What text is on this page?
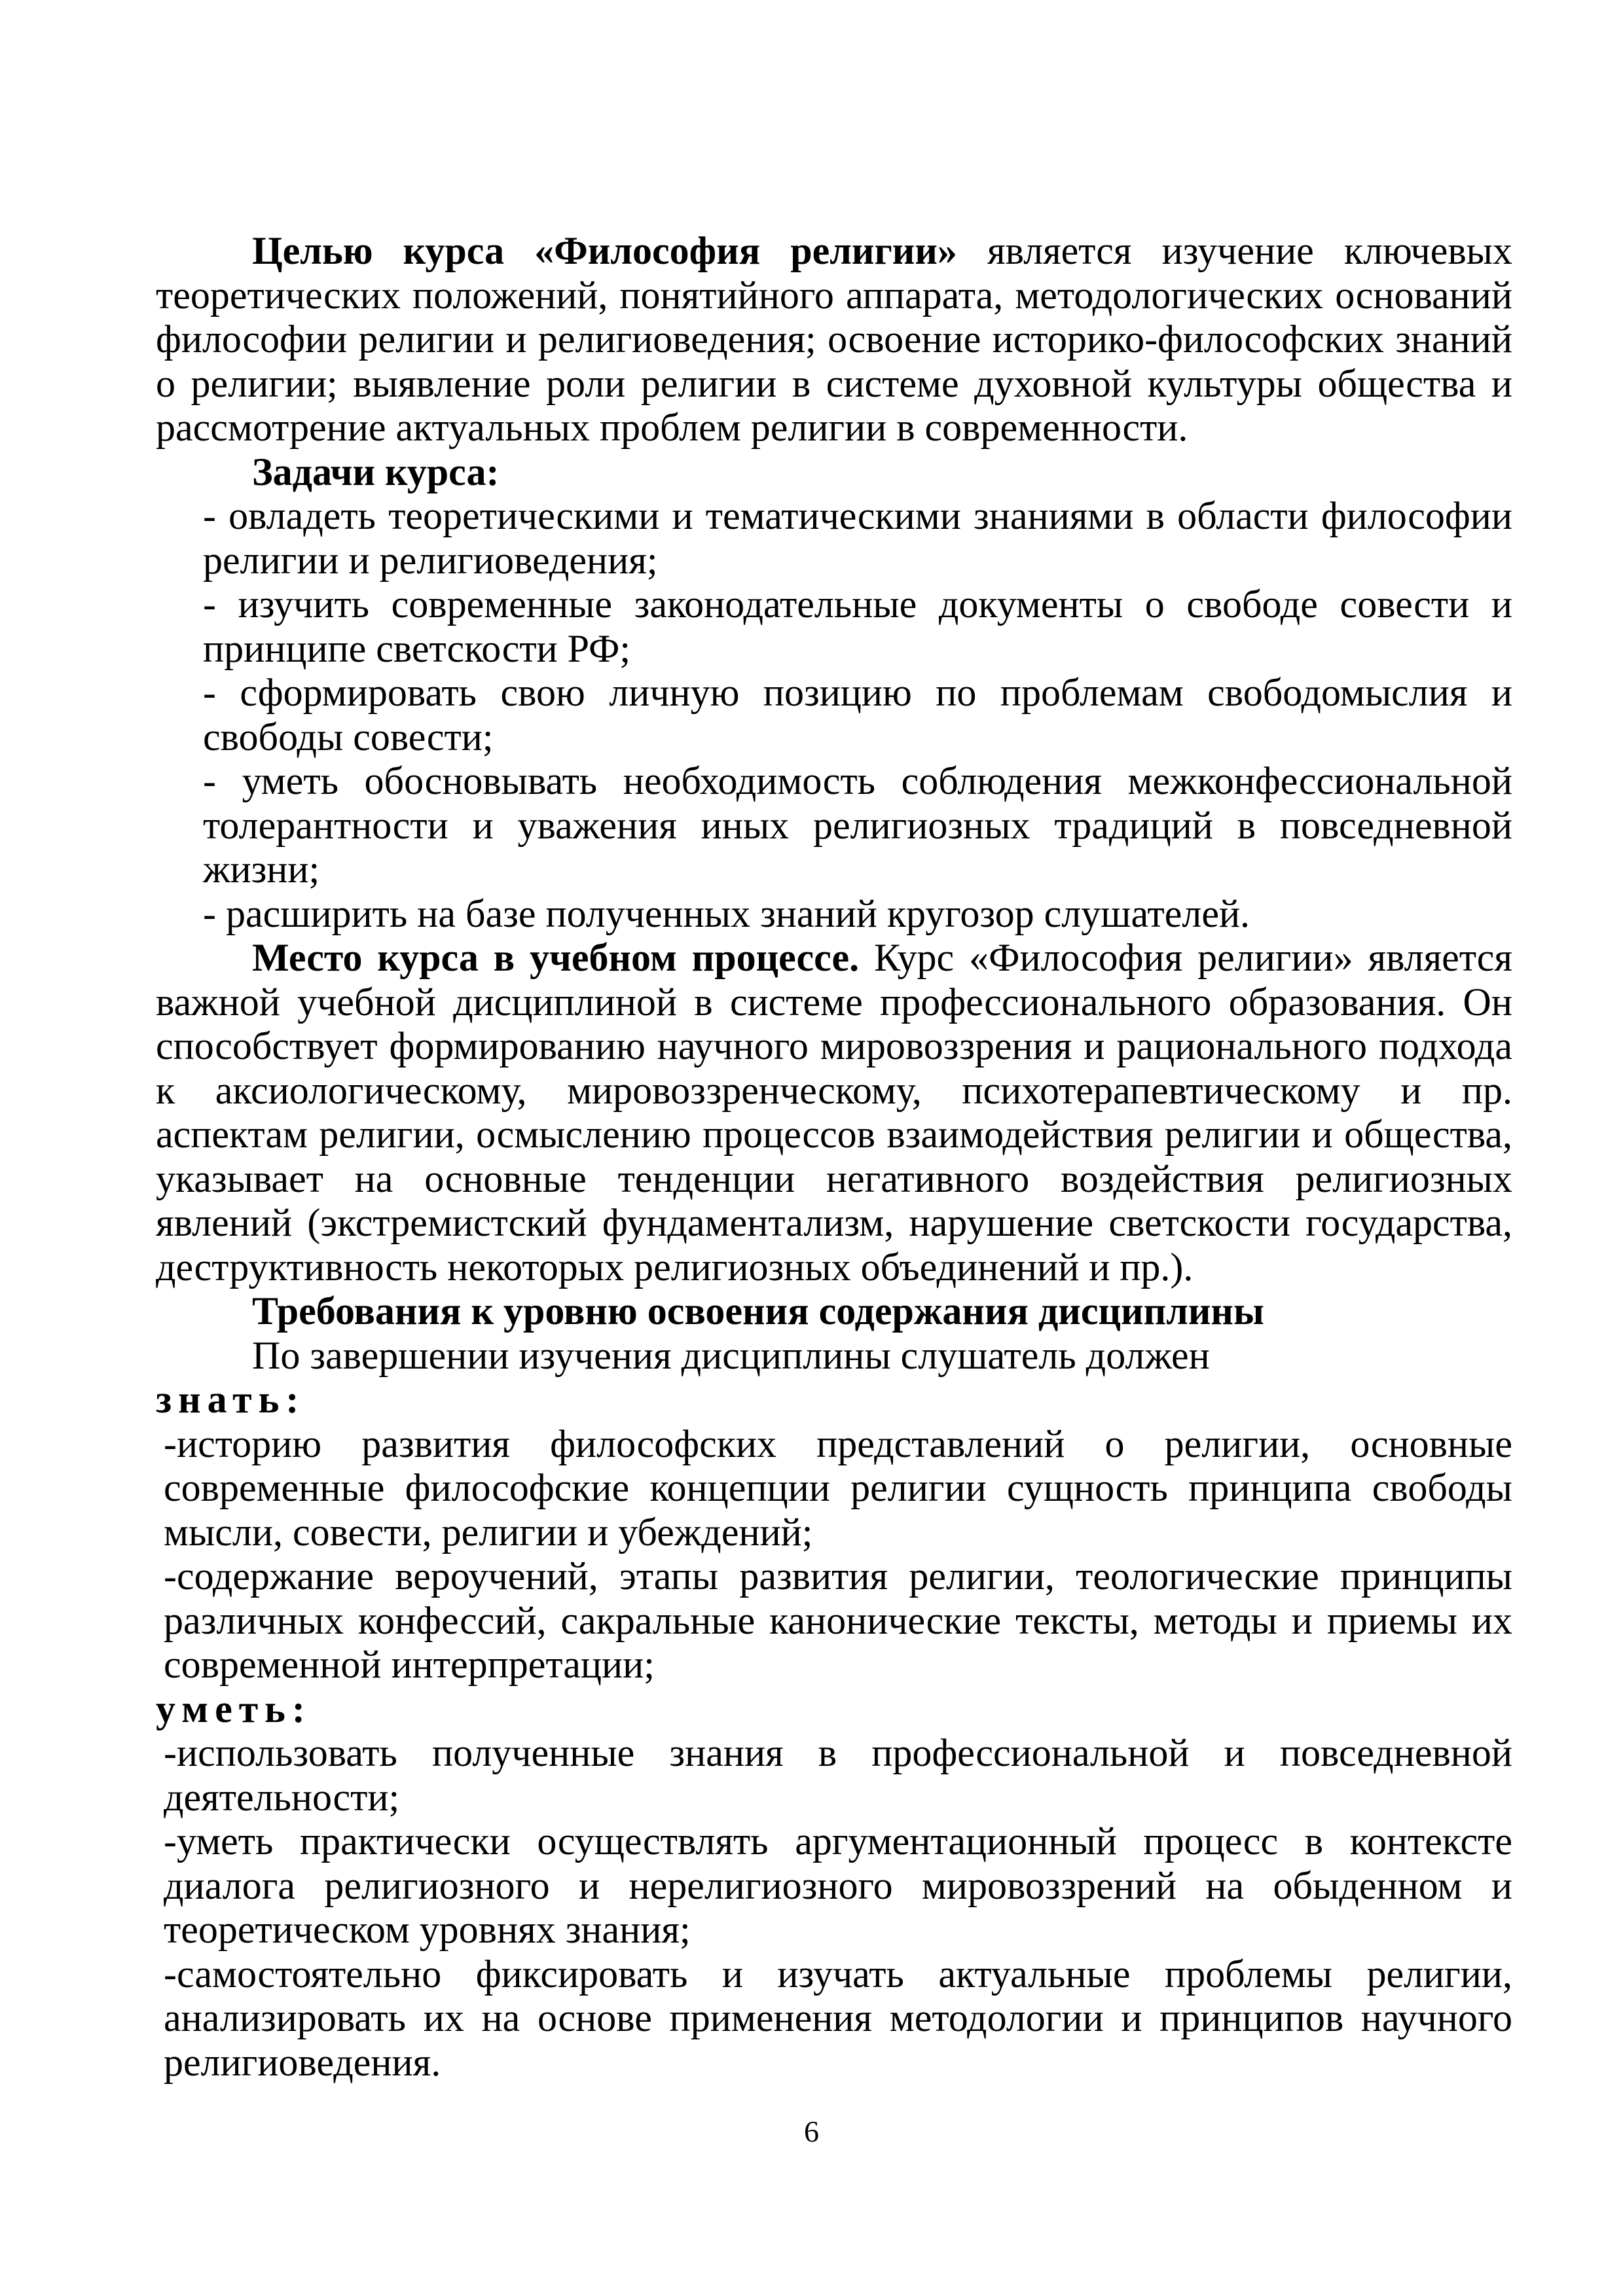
Целью курса «Философия религии» является изучение ключевых теоретических положений, понятийного аппарата, методологических оснований философии религии и религиоведения; освоение историко-философских знаний о религии; выявление роли религии в системе духовной культуры общества и рассмотрение актуальных проблем религии в современности.

Задачи курса:

- овладеть теоретическими и тематическими знаниями в области философии религии и религиоведения;

- изучить современные законодательные документы о свободе совести и принципе светскости РФ;

- сформировать свою личную позицию по проблемам свободомыслия и свободы совести;

- уметь обосновывать необходимость соблюдения межконфессиональной толерантности и уважения иных религиозных традиций в повседневной жизни;

- расширить на базе полученных знаний кругозор слушателей.

Место курса в учебном процессе. Курс «Философия религии» является важной учебной дисциплиной в системе профессионального образования. Он способствует формированию научного мировоззрения и рационального подхода к аксиологическому, мировоззренческому, психотерапевтическому и пр. аспектам религии, осмыслению процессов взаимодействия религии и общества, указывает на основные тенденции негативного воздействия религиозных явлений (экстремистский фундаментализм, нарушение светскости государства, деструктивность некоторых религиозных объединений и пр.).

Требования к уровню освоения содержания дисциплины

По завершении изучения дисциплины слушатель должен

знать:

-историю развития философских представлений о религии, основные современные философские концепции религии сущность принципа свободы мысли, совести, религии и убеждений;

-содержание вероучений, этапы развития религии, теологические принципы различных конфессий, сакральные канонические тексты, методы и приемы их современной интерпретации;

уметь:

-использовать полученные знания в профессиональной и повседневной деятельности;

-уметь практически осуществлять аргументационный процесс в контексте диалога религиозного и нерелигиозного мировоззрений на обыденном и теоретическом уровнях знания;

-самостоятельно фиксировать и изучать актуальные проблемы религии, анализировать их на основе применения методологии и принципов научного религиоведения.

6
